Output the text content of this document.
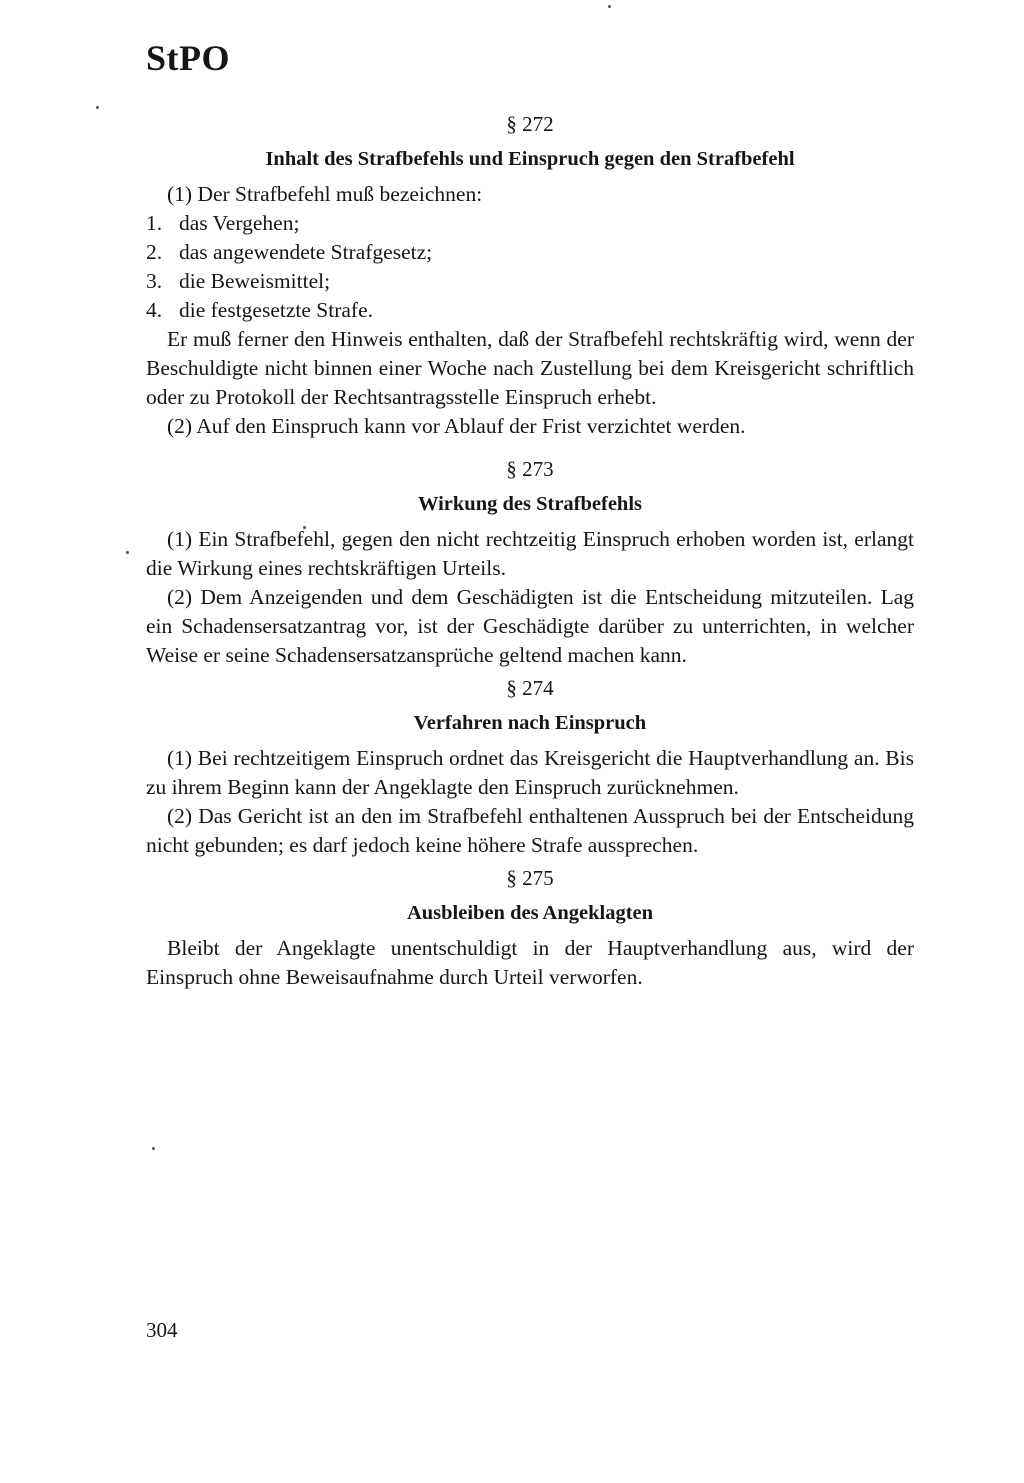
StPO
§ 272
Inhalt des Strafbefehls und Einspruch gegen den Strafbefehl

(1) Der Strafbefehl muß bezeichnen:

1. das Vergehen;
2. das angewendete Strafgesetz;
3. die Beweismittel;
4. die festgesetzte Strafe.

Er muß ferner den Hinweis enthalten, daß der Strafbefehl rechtskräftig wird, wenn der Beschuldigte nicht binnen einer Woche nach Zustellung bei dem Kreisgericht schriftlich oder zu Protokoll der Rechtsantragsstelle Einspruch erhebt.

(2) Auf den Einspruch kann vor Ablauf der Frist verzichtet werden.

§ 273
Wirkung des Strafbefehls

(1) Ein Strafbefehl, gegen den nicht rechtzeitig Einspruch erhoben worden ist, erlangt die Wirkung eines rechtskräftigen Urteils.

(2) Dem Anzeigenden und dem Geschädigten ist die Entscheidung mitzuteilen. Lag ein Schadensersatzantrag vor, ist der Geschädigte darüber zu unterrichten, in welcher Weise er seine Schadensersatzansprüche geltend machen kann.

§ 274
Verfahren nach Einspruch

(1) Bei rechtzeitigem Einspruch ordnet das Kreisgericht die Hauptverhandlung an. Bis zu ihrem Beginn kann der Angeklagte den Einspruch zurücknehmen.

(2) Das Gericht ist an den im Strafbefehl enthaltenen Ausspruch bei der Entscheidung nicht gebunden; es darf jedoch keine höhere Strafe aussprechen.

§ 275
Ausbleiben des Angeklagten

Bleibt der Angeklagte unentschuldigt in der Hauptverhandlung aus, wird der Einspruch ohne Beweisaufnahme durch Urteil verworfen.

304
